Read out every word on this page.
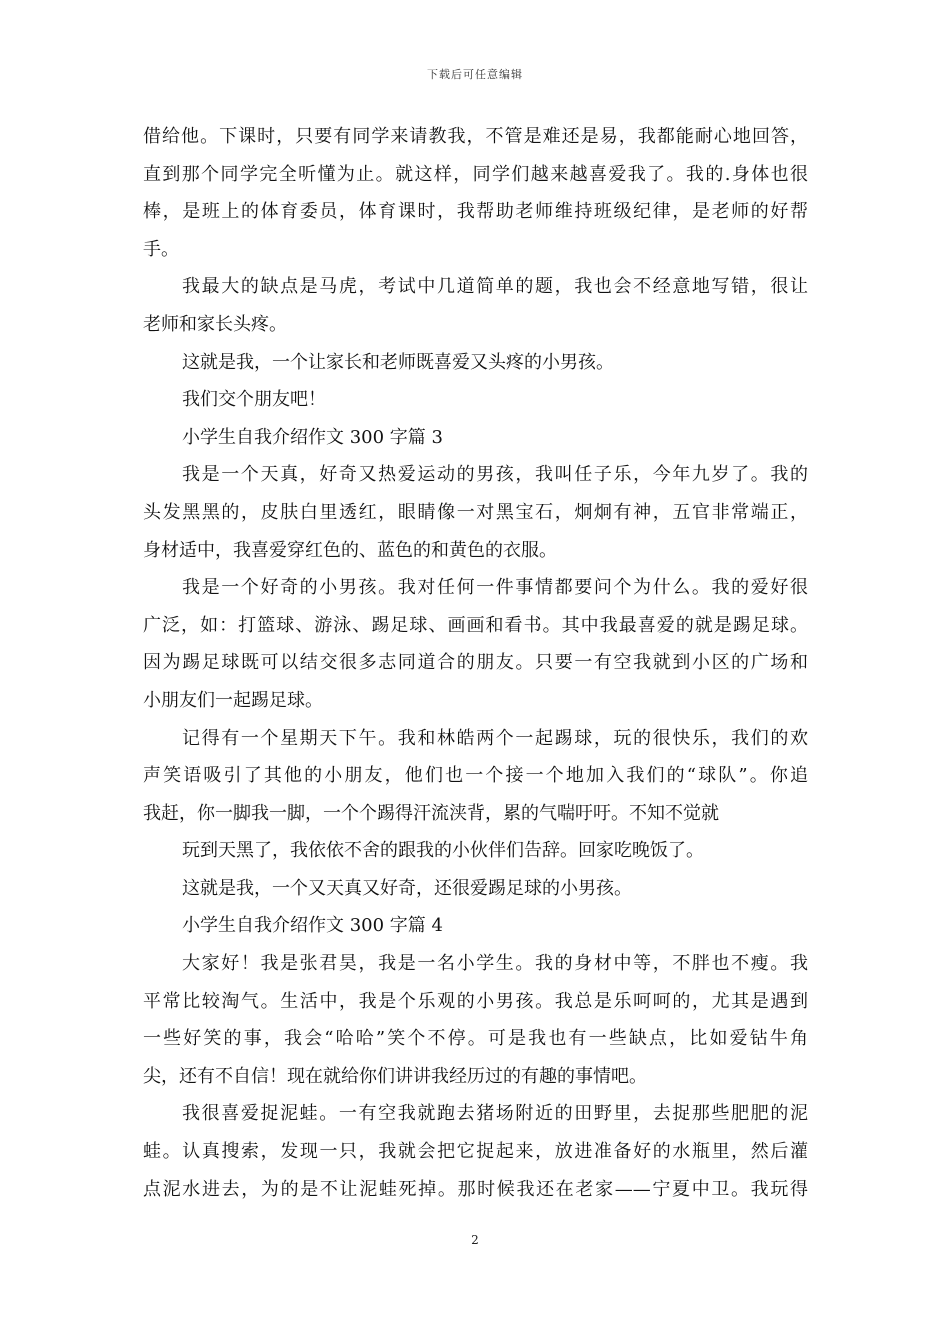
下载后可任意编辑
借给他。下课时，只要有同学来请教我，不管是难还是易，我都能耐心地回答，
直到那个同学完全听懂为止。就这样，同学们越来越喜爱我了。我的.身体也很
棒，是班上的体育委员，体育课时，我帮助老师维持班级纪律，是老师的好帮
手。
我最大的缺点是马虎，考试中几道简单的题，我也会不经意地写错，很让
老师和家长头疼。
这就是我，一个让家长和老师既喜爱又头疼的小男孩。
我们交个朋友吧！
小学生自我介绍作文 300 字篇 3
我是一个天真，好奇又热爱运动的男孩，我叫任子乐，今年九岁了。我的
头发黑黑的，皮肤白里透红，眼睛像一对黑宝石，炯炯有神，五官非常端正，
身材适中，我喜爱穿红色的、蓝色的和黄色的衣服。
我是一个好奇的小男孩。我对任何一件事情都要问个为什么。我的爱好很
广泛，如：打篮球、游泳、踢足球、画画和看书。其中我最喜爱的就是踢足球。
因为踢足球既可以结交很多志同道合的朋友。只要一有空我就到小区的广场和
小朋友们一起踢足球。
记得有一个星期天下午。我和林皓两个一起踢球，玩的很快乐，我们的欢
声笑语吸引了其他的小朋友，他们也一个接一个地加入我们的“球队”。你追
我赶，你一脚我一脚，一个个踢得汗流浃背，累的气喘吁吁。不知不觉就
玩到天黑了，我依依不舍的跟我的小伙伴们告辞。回家吃晚饭了。
这就是我，一个又天真又好奇，还很爱踢足球的小男孩。
小学生自我介绍作文 300 字篇 4
大家好！我是张君昊，我是一名小学生。我的身材中等，不胖也不瘦。我
平常比较淘气。生活中，我是个乐观的小男孩。我总是乐呵呵的，尤其是遇到
一些好笑的事，我会“哈哈”笑个不停。可是我也有一些缺点，比如爱钻牛角
尖，还有不自信！现在就给你们讲讲我经历过的有趣的事情吧。
我很喜爱捉泥蛙。一有空我就跑去猪场附近的田野里，去捉那些肥肥的泥
蛙。认真搜索，发现一只，我就会把它捉起来，放进准备好的水瓶里，然后灌
点泥水进去，为的是不让泥蛙死掉。那时候我还在老家——宁夏中卫。我玩得
2
